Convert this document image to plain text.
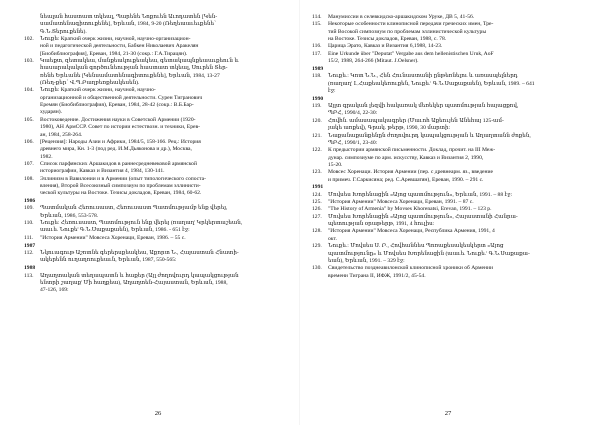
նեալան հաստատ տկեալ, Պարենե Նոքուեն Աւոդատեն [Կեն-
սամատենագիտուքենե], Երևան, 1984, 9-20 (Ռեղեաաւեւքենե՝
Գ.Ն.Տերուքենե).
102.	Նուքե: Краткий очерк жизни, научной, научно-организацион-
ной и педагогической деятельности, Бабкен Николаевич Аракелян
[Биобиблиография], Ереван, 1984, 21-30 (сокр.: Г.А.Тирацян).
103.	Կաեքտ, զետակեա, մանքեակուքեակեա, գետակապնքեաաւքեուն և
հասարակական գործունեության հաստատ տկեալ, Սուրեն Տեր-
ռենե Երևանե [Կենսամատենագիտուքենե], Երևան, 1984, 13-27
(Ռեղ-քեր՝ Վ.Պ.Բաղբեռքեակեսեն).
104.	Նուքե: Краткий очерк жизни, научной, научно-
организационной и общественной деятельности. Сурен Тигранович
Еремян (Биобиблиография), Ереван, 1984, 28-42 (сокр.: В.Б.Бар-
хударян).
105.	Востоковедение. Достижения науки в Советской Армении (1920-
1980), АН АрмССР. Совет по истории естествозн. и техники, Ерев-
ан, 1984, 258-264.
106.	[Рецензия]: Народы Азии и Африки, 1984/5, 158-166. Рец.: История
древнего мира, Кн. 1-3 (под ред. И.М.Дьяконова и др.), Москва,
1982.
107.	Список парфянских Аршакидов в раннесредневековой армянской
историографии, Кавказ и Византия 4, 1984, 130-141.
108.	Эллинизм в Вавилонии и в Армении (опыт типологического сопоста-
вления), Второй Всесоюзный симпозиум по проблемам эллинисти-
ческой культуры на Востоке. Тезисы докладов, Ереван, 1984, 60-62.
1986
109.	Պատմական Հեռուսաստ, Հեռուսաստ Պատմությամբ ենք վերեյ,
Երևան, 1986, 553-578.
110.	Նուքե: Հեռուսաստ, Պատմություն ենք վերեյ (ռաղաղ' Կրկերտաշեան,
աաւե. Նուքե' Գ.Ն.Սաքաքաեն), Երևան, 1986. - 651 էջ:
111.	"История Армении" Мовсеса Хоренаци, Ереван, 1986. – 55 с.
1987
112.	Նկուագութ Աշոտնե գերերսքեակեա, Աքորտ Ն., Հայաստան Հնատի-
ակերենն ուղաղոուքեաւն, Երևան, 1987, 550-565:
1988
113.	Աղաղտական տեղապատն և հաքեր (Այլ ժողովուրդ կապակցության
ենտրի շաղաք' Մի հաղքեա), Աղաղտեն-Հայաստան, Երևան, 1988,
47-126, 169:
26
114.	Манумиссии в селевкидско-аршакидском Уруке, ДВ 5, 41-56.
115.	Некоторые особенности клинописной передачи греческих имен, Тре-
тий Восокой симпозиум по проблемам эллинистической культуры
на Востоке. Тезисы докладов, Ереван, 1988, с. 78.
116.	Царица Эрато, Кавказ и Византия 6,1988, 14-23.
117.	Eine Urkunde über "Deputat" Vergabe aus dem hellenistischen Uruk, AoF
15/2, 1988, 264-266 (Mitaut. J.Oelsner).
1989
118.	Նուքե.: Կոտ Ն.Ն., Հեն Հունաստանի ընթեռնելու և առասպելներդ
(ռաղաղ' Լ.Հաքեակեռուքեն, Նուքե.' Գ.Ն.Սաքաքաեն), Երևան, 1989. – 641
էջ:
1990
119.	Այլտ գրական լեզվի հակառակ մեռեկեր պատմության հայացքով,
ՊԲՀ, 1990/4, 22-30:
120.	Հովհն. ամասապակագրեր (Մաւոհ Աքեույեն Անեհայ 125-ամ-
յակե առքեվ), Գրակ. թերթ, 1990, 30 մարտի:
121.	Նաքանաքանքենըն ժողովուրդ կապակցության և Աղաղտանն ժոքեն,
ՊԲՀ, 1990/1, 23-40:
122.	К предыстории армянской письменности. Доклад, прочит. на III Меж-
дунар. симпозиуме по арм. искусству, Кавказ и Византия 2, 1990,
15-20.
123.	Мовсес Хоренаци. История Армении (пер. с древнеарм. яз., введение
и примеч. Г.Саркисяна; ред. С.Аревшатян), Ереван, 1990. – 291 с.
1991
124.	Մովսես Խորենացին «Այոց պատմություն», Երևան, 1991. – 88 էջ:
125.	"История Армении" Мовсеса Хоренаци, Ереван, 1991. – 87 с.
126.	"The History of Armenia" by Movses Khorenatsi, Erevan, 1991. – 123 p.
127.	Մովսես Խորենացին «Այոց պատմություն», Հայաստանի Հանրա-
պետության օրաթերթ, 1991, 4 հուլիս:
128.	"История Армении" Мовсеса Хоренаци, Республика Армения, 1991, 4
окт.
129.	Նուքե.: Մովսես Ս. Ր., Հովհաննես Պոռաքեսակեսկերտ «Այոց
պատմությունը» և Մովսես Խորենացին (աաւե. Նուքե.' Գ.Ն.Սաքաքա-
եան), Երևան, 1991. – 329 էջ:
130.	Свидетельство позднеавилонской клинописной хроники об Армении
времени Тиграна II, ИФЖ, 1991/2, 45-54.
27
